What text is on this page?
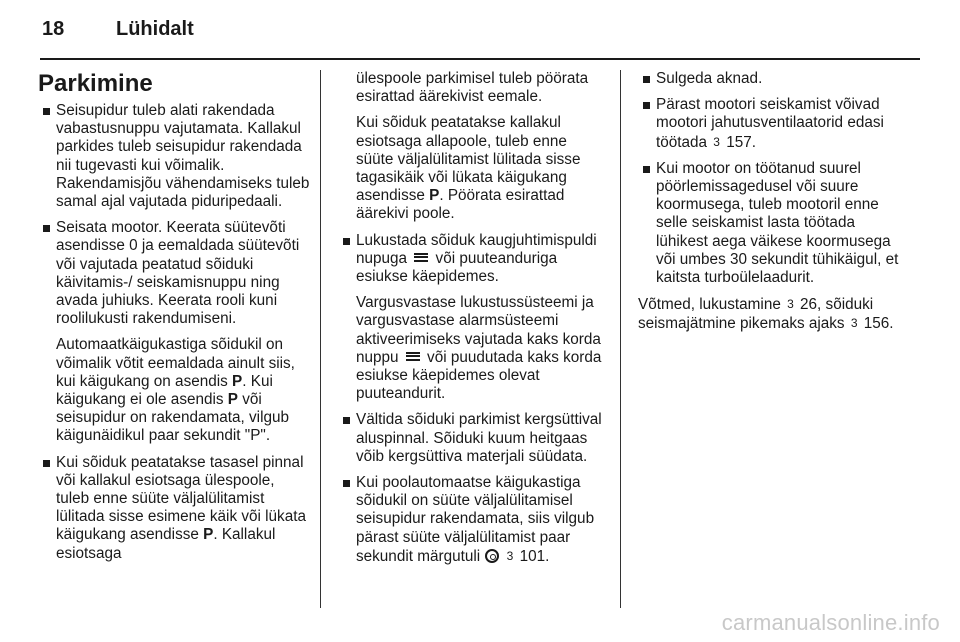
18	Lühidalt
Parkimine
Seisupidur tuleb alati rakendada vabastusnuppu vajutamata. Kallakul parkides tuleb seisupidur rakendada nii tugevasti kui võimalik. Rakendamisjõu vähendamiseks tuleb samal ajal vajutada piduripedaali.
Seisata mootor. Keerata süütevõti asendisse 0 ja eemaldada süütevõti või vajutada peatatud sõiduki käivitamis-/ seiskamisnuppu ning avada juhiuks. Keerata rooli kuni roolilukusti rakendumiseni.
Automaatkäigukastiga sõidukil on võimalik võtit eemaldada ainult siis, kui käigukang on asendis P. Kui käigukang ei ole asendis P või seisupidur on rakendamata, vilgub käigunäidikul paar sekundit "P".
Kui sõiduk peatatakse tasasel pinnal või kallakul esiotsaga ülespoole, tuleb enne süüte väljalülitamist lülitada sisse esimene käik või lükata käigukang asendisse P. Kallakul esiotsaga
ülespoole parkimisel tuleb pöörata esirattad äärekivist eemale.
Kui sõiduk peatatakse kallakul esiotsaga allapoole, tuleb enne süüte väljalülitamist lülitada sisse tagasikäik või lükata käigukang asendisse P. Pöörata esirattad äärekivi poole.
Lukustada sõiduk kaugjuhtimispuldi nupuga  või puuteanduriga esiukse käepidemes.
Vargusvastase lukustussüsteemi ja vargusvastase alarmsüsteemi aktiveerimiseks vajutada kaks korda nuppu  või puudutada kaks korda esiukse käepidemes olevat puuteandurit.
Vältida sõiduki parkimist kergsüttival aluspinnal. Sõiduki kuum heitgaas võib kergsüttiva materjali süüdata.
Kui poolautomaatse käigukastiga sõidukil on süüte väljalülitamisel seisupidur rakendamata, siis vilgub pärast süüte väljalülitamist paar sekundit märgutuli  3 101.
Sulgeda aknad.
Pärast mootori seiskamist võivad mootori jahutusventilaatorid edasi töötada 3 157.
Kui mootor on töötanud suurel pöörlemissagedusel või suure koormusega, tuleb mootoril enne selle seiskamist lasta töötada lühikest aega väikese koormusega või umbes 30 sekundit tühikäigul, et kaitsta turboülelaadurit.
Võtmed, lukustamine 3 26, sõiduki seismajätmine pikemaks ajaks 3 156.
carmanualsonline.info
